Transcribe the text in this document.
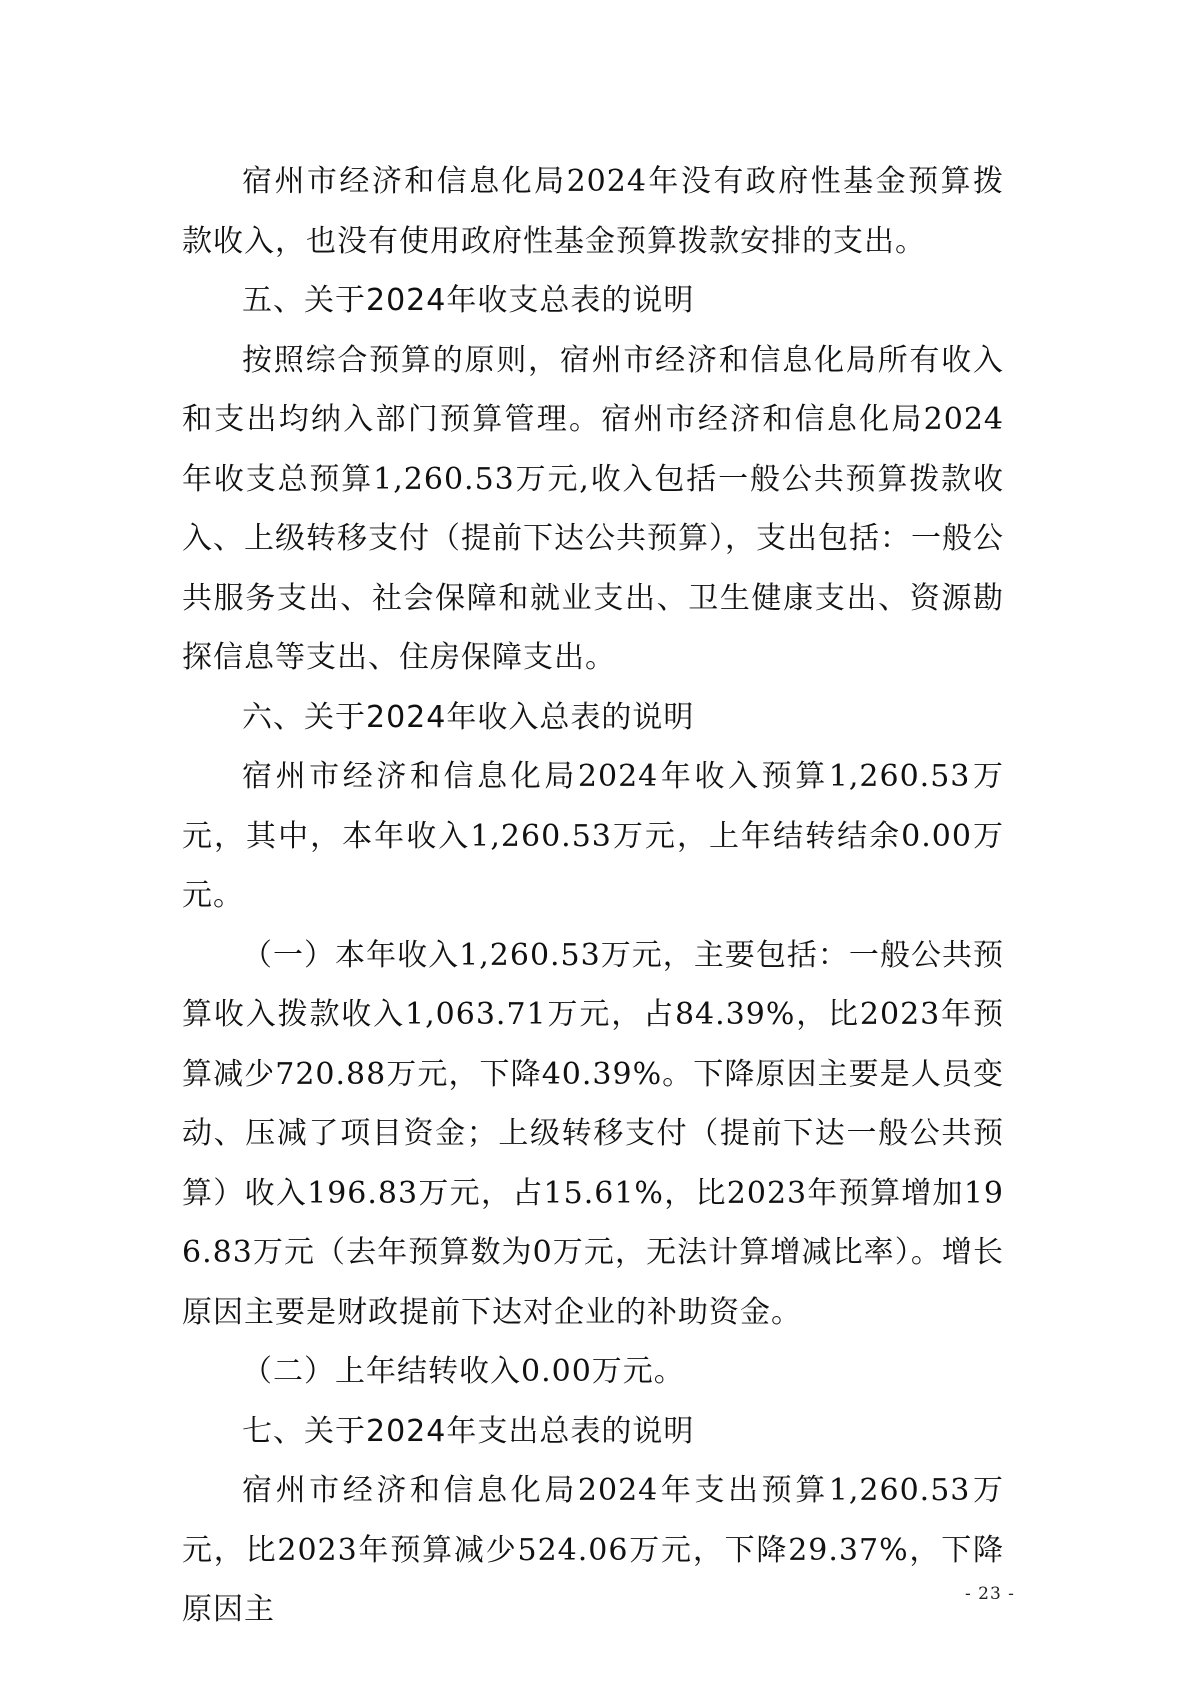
宿州市经济和信息化局2024年没有政府性基金预算拨款收入，也没有使用政府性基金预算拨款安排的支出。

五、关于2024年收支总表的说明

按照综合预算的原则，宿州市经济和信息化局所有收入和支出均纳入部门预算管理。宿州市经济和信息化局2024年收支总预算1,260.53万元,收入包括一般公共预算拨款收入、上级转移支付（提前下达公共预算），支出包括：一般公共服务支出、社会保障和就业支出、卫生健康支出、资源勘探信息等支出、住房保障支出。

六、关于2024年收入总表的说明

宿州市经济和信息化局2024年收入预算1,260.53万元，其中，本年收入1,260.53万元，上年结转结余0.00万元。

（一）本年收入1,260.53万元，主要包括：一般公共预算收入拨款收入1,063.71万元，占84.39%，比2023年预算减少720.88万元，下降40.39%。下降原因主要是人员变动、压减了项目资金；上级转移支付（提前下达一般公共预算）收入196.83万元，占15.61%，比2023年预算增加196.83万元（去年预算数为0万元，无法计算增减比率）。增长原因主要是财政提前下达对企业的补助资金。

（二）上年结转收入0.00万元。

七、关于2024年支出总表的说明

宿州市经济和信息化局2024年支出预算1,260.53万元，比2023年预算减少524.06万元，下降29.37%，下降原因主	- 23 -
